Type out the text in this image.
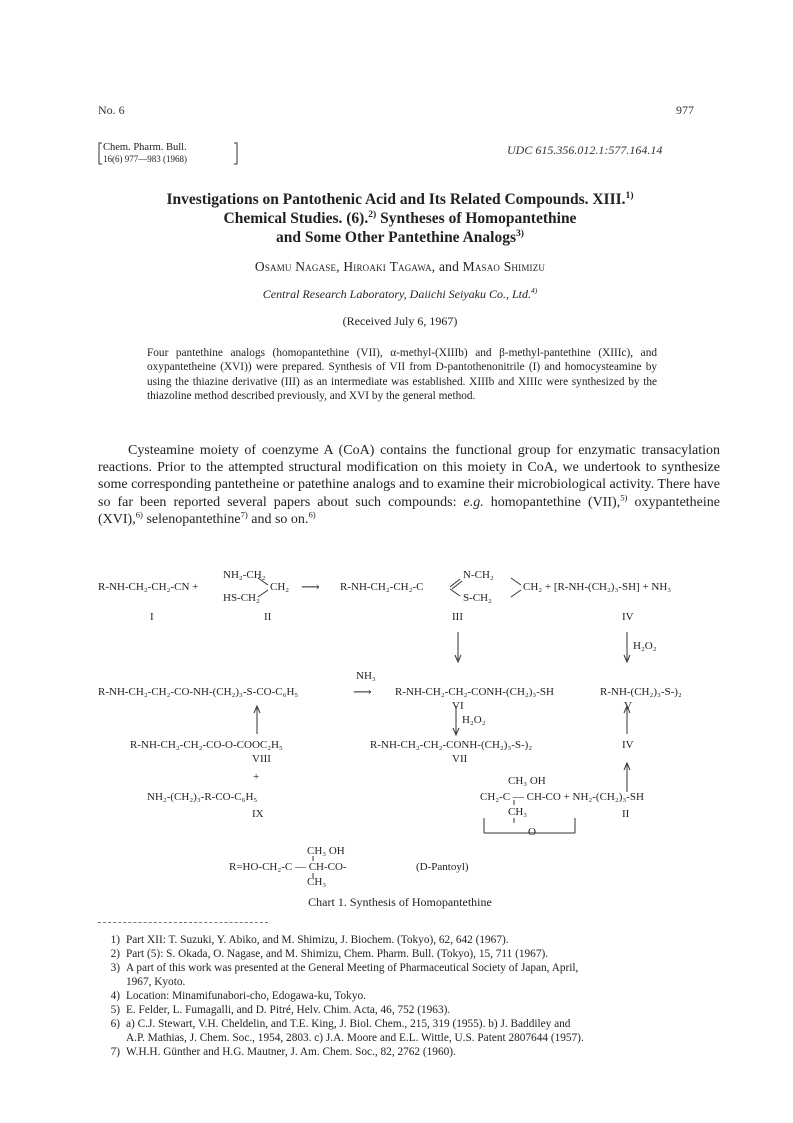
No. 6	977
Chem. Pharm. Bull.
16(6) 977—983 (1968)
UDC 615.356.012.1:577.164.14
Investigations on Pantothenic Acid and Its Related Compounds. XIII.$^{1)}$
Chemical Studies. (6).$^{2)}$ Syntheses of Homopantethine
and Some Other Pantethine Analogs$^{3)}$
Osamu Nagase, Hiroaki Tagawa, and Masao Shimizu
Central Research Laboratory, Daiichi Seiyaku Co., Ltd.$^{4)}$
(Received July 6, 1967)
Four pantethine analogs (homopantethine (VII), α-methyl-(XIIIb) and β-methyl-pantethine (XIIIc), and oxypantetheine (XVI)) were prepared. Synthesis of VII from D-pantothenonitrile (I) and homocysteamine by using the thiazine derivative (III) as an intermediate was established. XIIIb and XIIIc were synthesized by the thiazoline method described previously, and XVI by the general method.
Cysteamine moiety of coenzyme A (CoA) contains the functional group for enzymatic transacylation reactions. Prior to the attempted structural modification on this moiety in CoA, we undertook to synthesize some corresponding pantetheine or patethine analogs and to examine their microbiological activity. There have so far been reported several papers about such compounds: e.g. homopantethine (VII),$^{5)}$ oxypantetheine (XVI),$^{6)}$ selenopantethine$^{7)}$ and so on.$^{6)}$
R-NH-CH₂-CH₂-CN +
NH₂-CH₂
HS-CH₂
CH₂ ⟶ R-NH-CH₂-CH₂-C
N-CH₂
S-CH₂
CH₂ + [R-NH-(CH₂)₃-SH] + NH₃
I	II	III	IV
H₂O₂
NH₃
R-NH-CH₂-CH₂-CO-NH-(CH₂)₃-S-CO-C₆H₅	⟶ R-NH-CH₂-CH₂-CONH-(CH₂)₃-SH	R-NH-(CH₂)₃-S-)₂
VI	V
H₂O₂
R-NH-CH₂-CH₂-CO-O-COOC₂H₅	R-NH-CH₂-CH₂-CONH-(CH₂)₃-S-)₂
VIII	VII
IV
+	CH₃ OH
CH₂-C — CH-CO + NH₂-(CH₂)₃-SH
CH₃
O
NH₂-(CH₂)₃-R-CO-C₆H₅
IX	II
CH₃ OH
R=HO-CH₂-C — CH-CO-	(D-Pantoyl)
CH₃
Chart 1. Synthesis of Homopantethine
1) Part XII: T. Suzuki, Y. Abiko, and M. Shimizu, J. Biochem. (Tokyo), 62, 642 (1967).
2) Part (5): S. Okada, O. Nagase, and M. Shimizu, Chem. Pharm. Bull. (Tokyo), 15, 711 (1967).
3) A part of this work was presented at the General Meeting of Pharmaceutical Society of Japan, April,
1967, Kyoto.
4) Location: Minamifunabori-cho, Edogawa-ku, Tokyo.
5) E. Felder, L. Fumagalli, and D. Pitré, Helv. Chim. Acta, 46, 752 (1963).
6) a) C.J. Stewart, V.H. Cheldelin, and T.E. King, J. Biol. Chem., 215, 319 (1955). b) J. Baddiley and
A.P. Mathias, J. Chem. Soc., 1954, 2803. c) J.A. Moore and E.L. Wittle, U.S. Patent 2807644 (1957).
7) W.H.H. Günther and H.G. Mautner, J. Am. Chem. Soc., 82, 2762 (1960).
